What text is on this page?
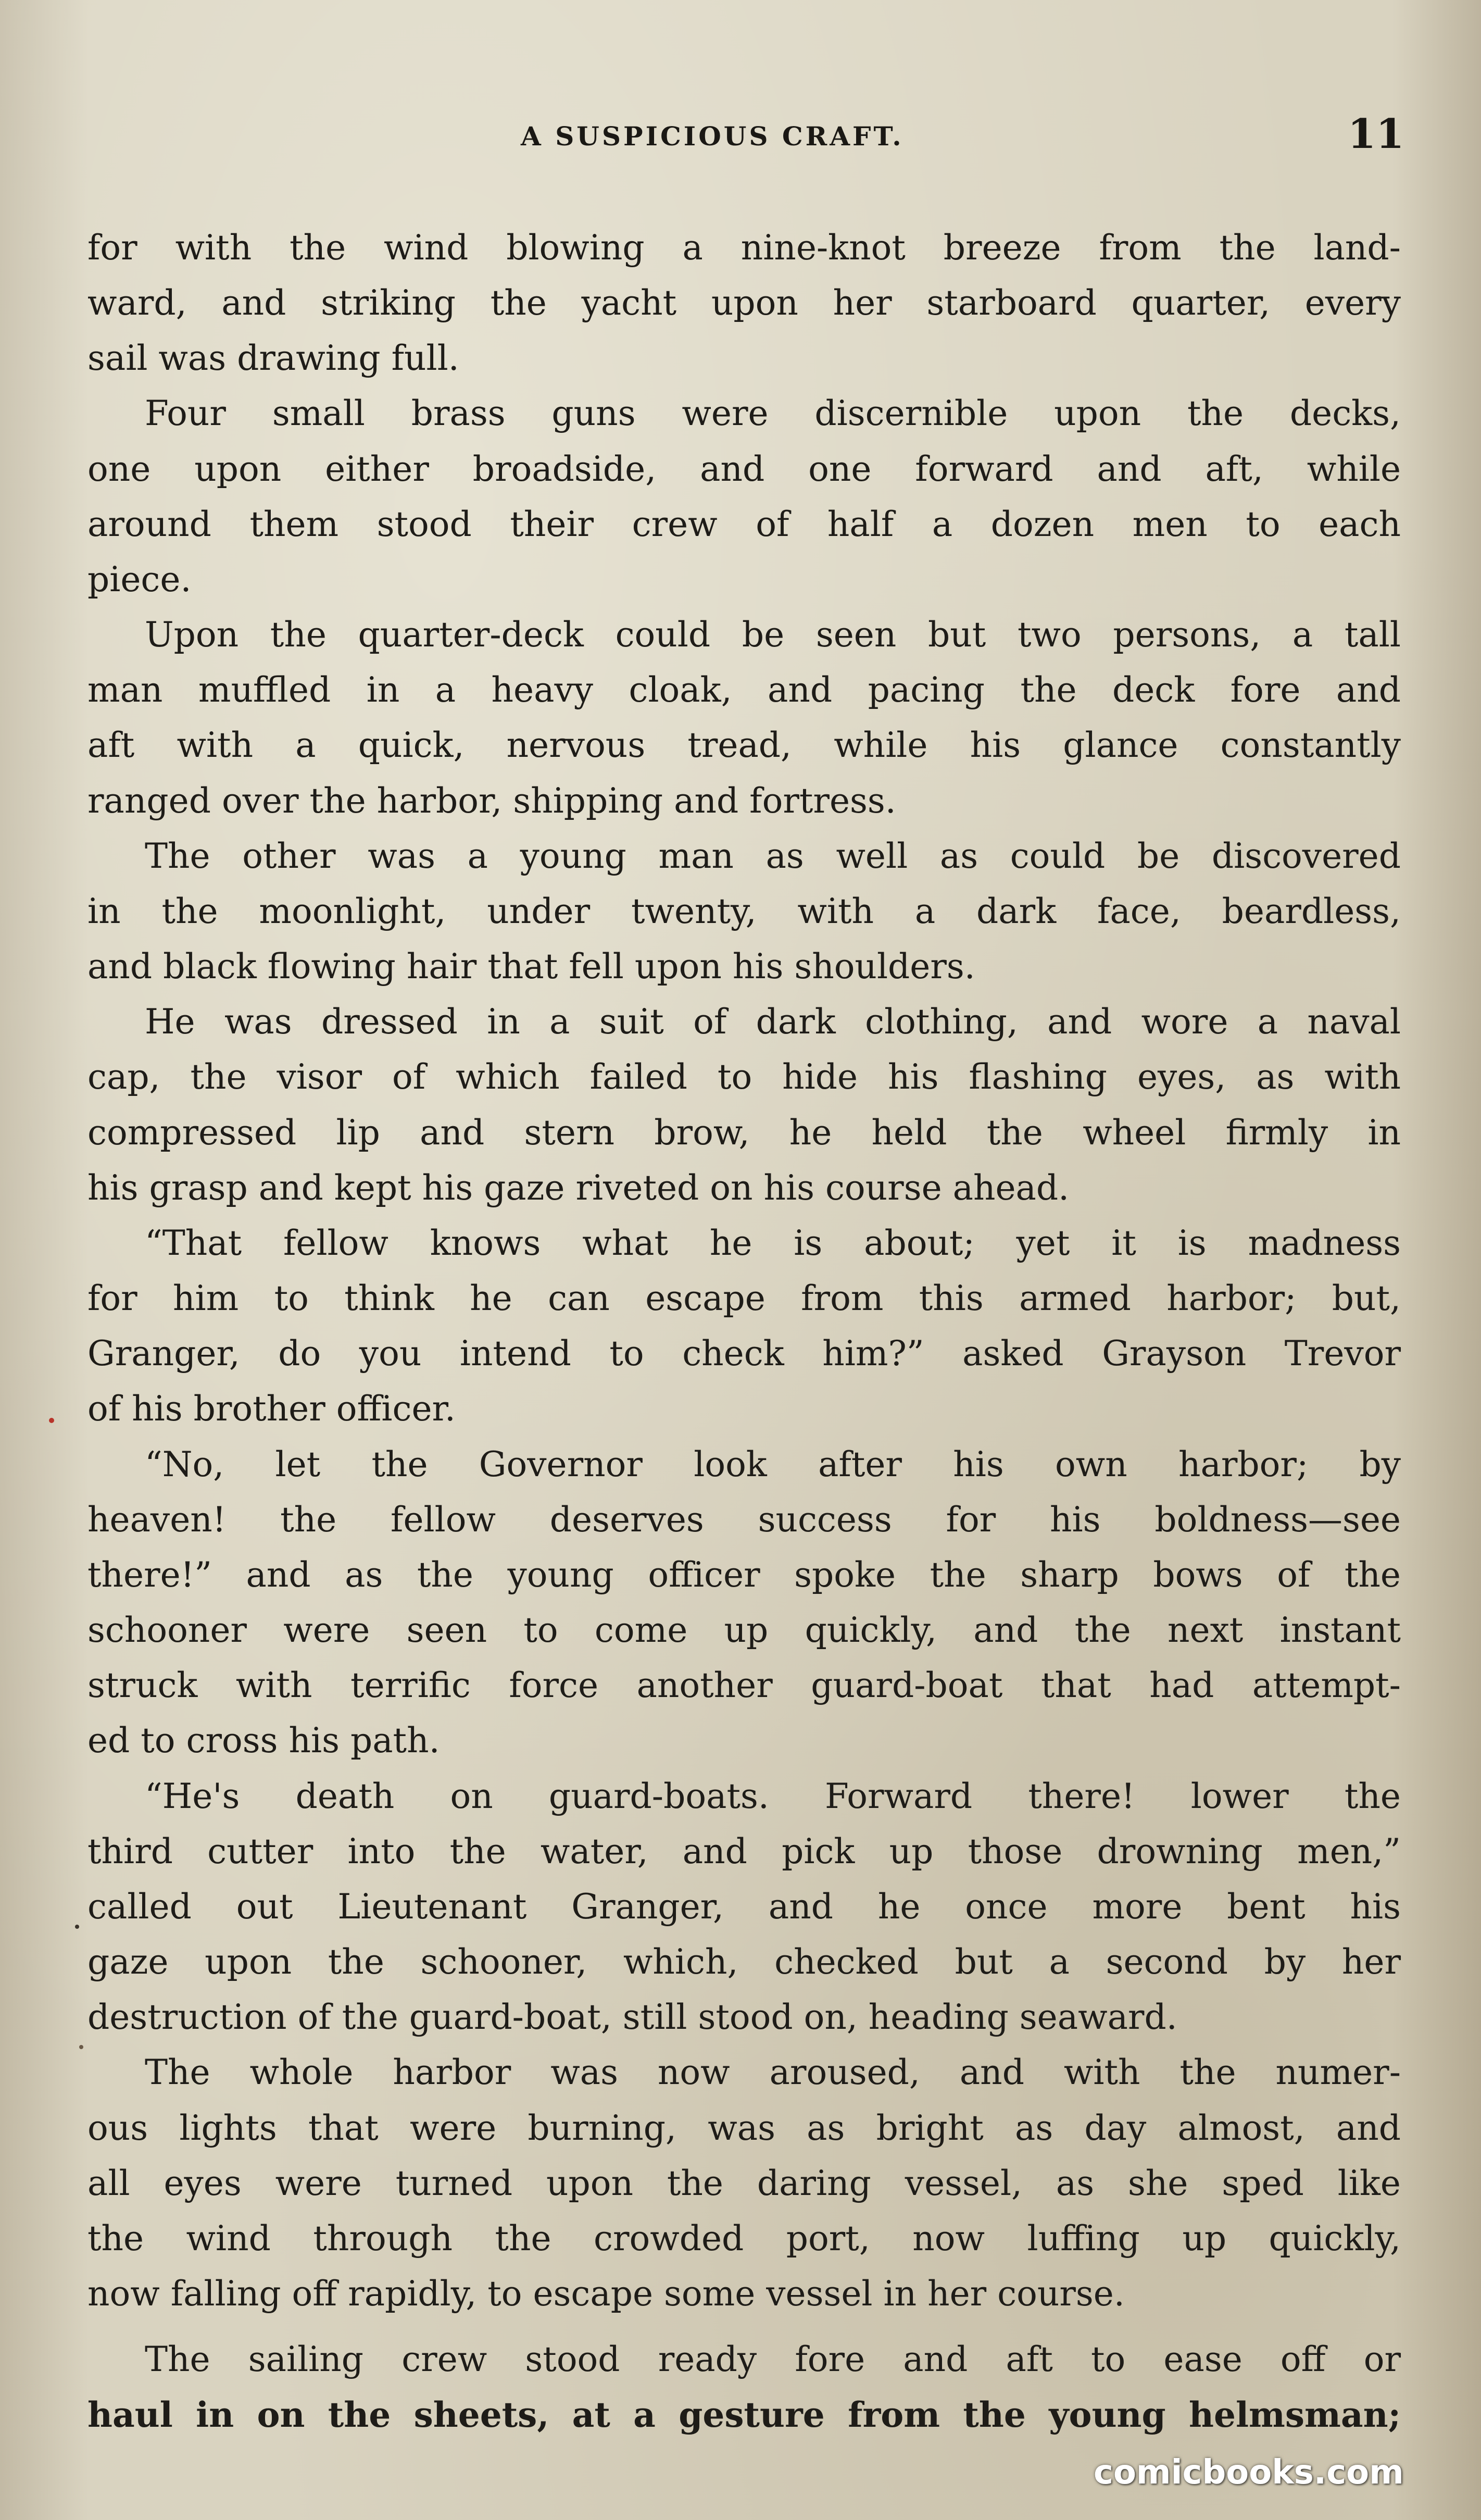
A SUSPICIOUS CRAFT.	11
for with the wind blowing a nine-knot breeze from the land-
ward, and striking the yacht upon her starboard quarter, every
sail was drawing full.
Four small brass guns were discernible upon the decks,
one upon either broadside, and one forward and aft, while
around them stood their crew of half a dozen men to each
piece.
Upon the quarter-deck could be seen but two persons, a tall
man muffled in a heavy cloak, and pacing the deck fore and
aft with a quick, nervous tread, while his glance constantly
ranged over the harbor, shipping and fortress.
The other was a young man as well as could be discovered
in the moonlight, under twenty, with a dark face, beardless,
and black flowing hair that fell upon his shoulders.
He was dressed in a suit of dark clothing, and wore a naval
cap, the visor of which failed to hide his flashing eyes, as with
compressed lip and stern brow, he held the wheel firmly in
his grasp and kept his gaze riveted on his course ahead.
“That fellow knows what he is about; yet it is madness
for him to think he can escape from this armed harbor; but,
Granger, do you intend to check him?” asked Grayson Trevor
of his brother officer.
“No, let the Governor look after his own harbor; by
heaven! the fellow deserves success for his boldness—see
there!” and as the young officer spoke the sharp bows of the
schooner were seen to come up quickly, and the next instant
struck with terrific force another guard-boat that had attempt-
ed to cross his path.
“He's death on guard-boats. Forward there! lower the
third cutter into the water, and pick up those drowning men,”
called out Lieutenant Granger, and he once more bent his
gaze upon the schooner, which, checked but a second by her
destruction of the guard-boat, still stood on, heading seaward.
The whole harbor was now aroused, and with the numer-
ous lights that were burning, was as bright as day almost, and
all eyes were turned upon the daring vessel, as she sped like
the wind through the crowded port, now luffing up quickly,
now falling off rapidly, to escape some vessel in her course.
The sailing crew stood ready fore and aft to ease off or
haul in on the sheets, at a gesture from the young helmsman;
comicbooks.com
